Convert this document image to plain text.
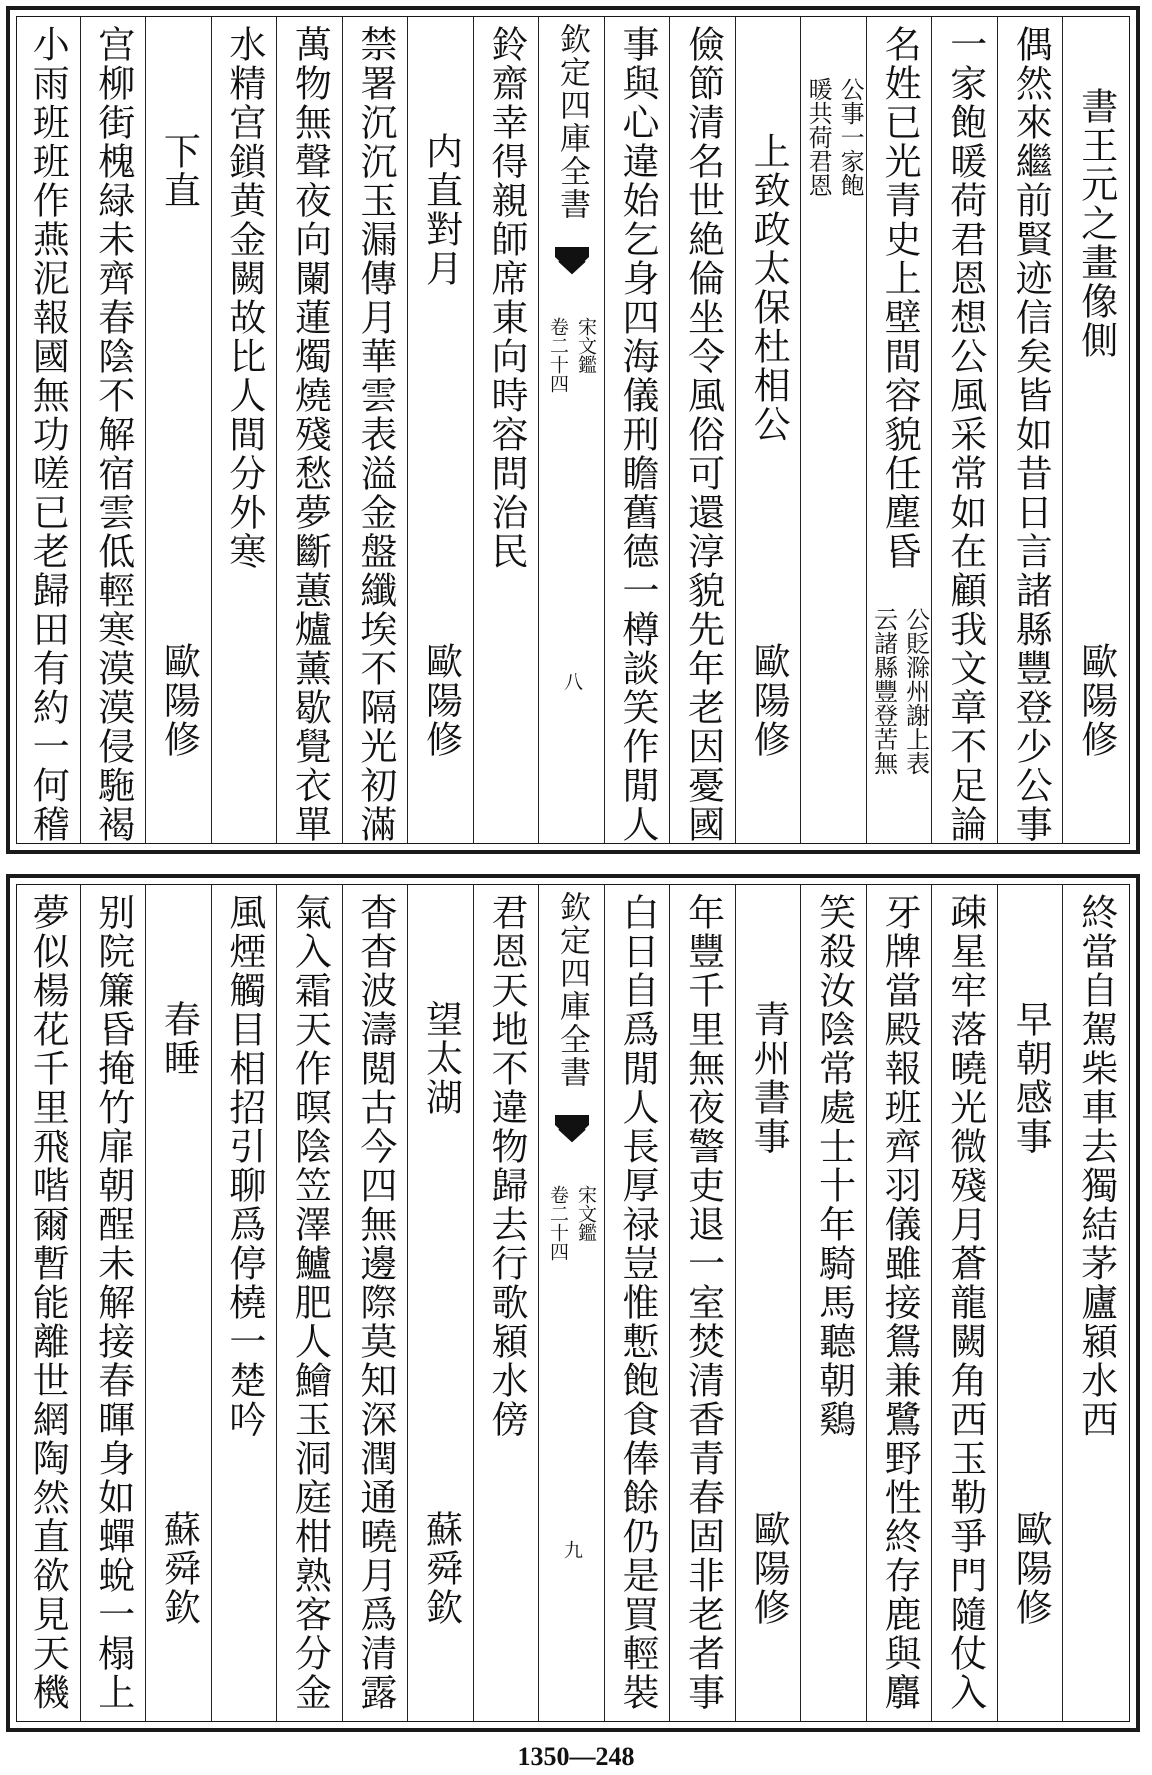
書王元之畫像側
歐陽修
偶然來繼前賢迹信矣皆如昔日言諸縣豐登少公事
一家飽暖荷君恩想公風采常如在顧我文章不足論
名姓已光青史上壁間容貌任塵昏
公貶滁州謝上表
云諸縣豐登苦無
公事一家飽
暖共荷君恩
上致政太保杜相公
歐陽修
儉節清名世絶倫坐令風俗可還淳貌先年老因憂國
事與心違始乞身四海儀刑瞻舊德一樽談笑作閒人
欽定四庫全書
宋文鑑
卷二十四
八
鈴齋幸得親師席東向時容問治民
内直對月
歐陽修
禁署沉沉玉漏傳月華雲表溢金盤纖埃不隔光初滿
萬物無聲夜向闌蓮燭燒殘愁夢斷蕙爐薰歇覺衣單
水精宫鎖黄金闕故比人間分外寒
下直
歐陽修
宫柳街槐緑未齊春陰不解宿雲低輕寒漠漠侵駞褐
小雨班班作燕泥報國無功嗟已老歸田有約一何稽
終當自駕柴車去獨結茅廬潁水西
早朝感事
歐陽修
疎星牢落曉光微殘月蒼龍闕角西玉勒爭門隨仗入
牙牌當殿報班齊羽儀雖接鴛兼鷺野性終存鹿與麛
笑殺汝陰常處士十年騎馬聽朝鷄
青州書事
歐陽修
年豐千里無夜警吏退一室焚清香青春固非老者事
白日自爲閒人長厚禄豈惟慙飽食俸餘仍是買輕裝
欽定四庫全書
宋文鑑
卷二十四
九
君恩天地不違物歸去行歌潁水傍
望太湖
蘇舜欽
杳杳波濤閲古今四無邊際莫知深潤通曉月爲清露
氣入霜天作暝陰笠澤鱸肥人鱠玉洞庭柑熟客分金
風煙觸目相招引聊爲停橈一楚吟
春睡
蘇舜欽
别院簾昏掩竹扉朝酲未解接春暉身如蟬蛻一榻上
夢似楊花千里飛喈爾暫能離世網陶然直欲見天機
1350—248
